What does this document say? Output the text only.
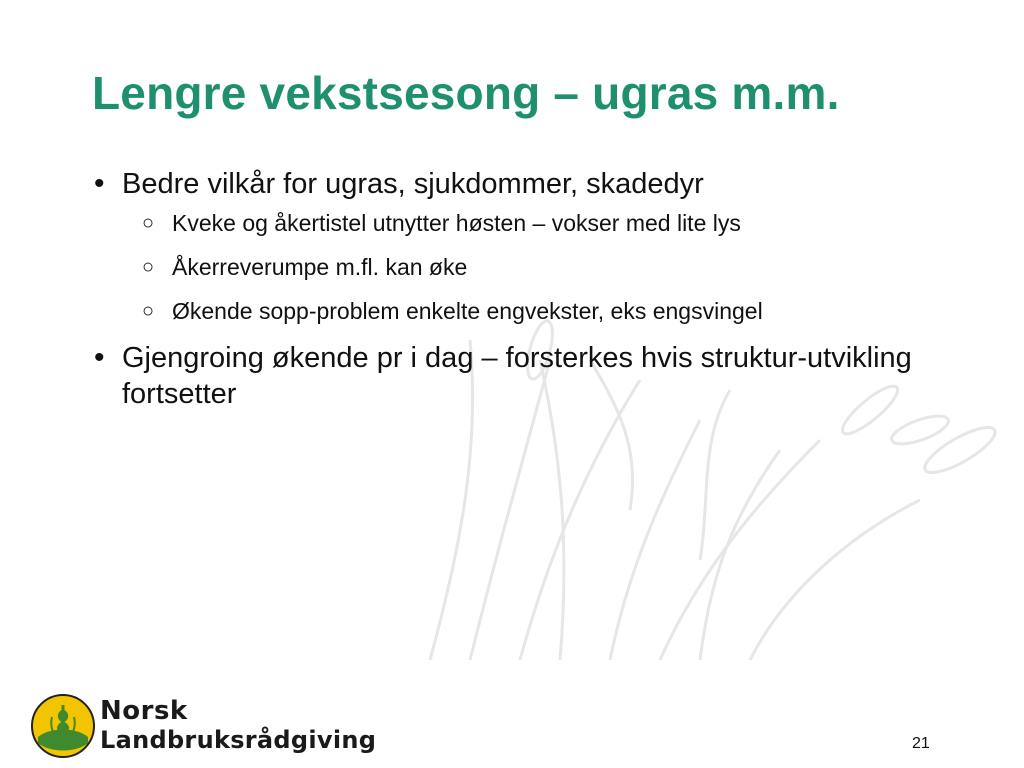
Lengre vekstsesong – ugras m.m.
• Bedre vilkår for ugras, sjukdommer, skadedyr
○ Kveke og åkertistel utnytter høsten – vokser med lite lys
○ Åkerreverumpe m.fl. kan øke
○ Økende sopp-problem enkelte engvekster, eks engsvingel
• Gjengroing økende pr i dag – forsterkes hvis struktur-utvikling fortsetter
Norsk
Landbruksrådgiving	21
